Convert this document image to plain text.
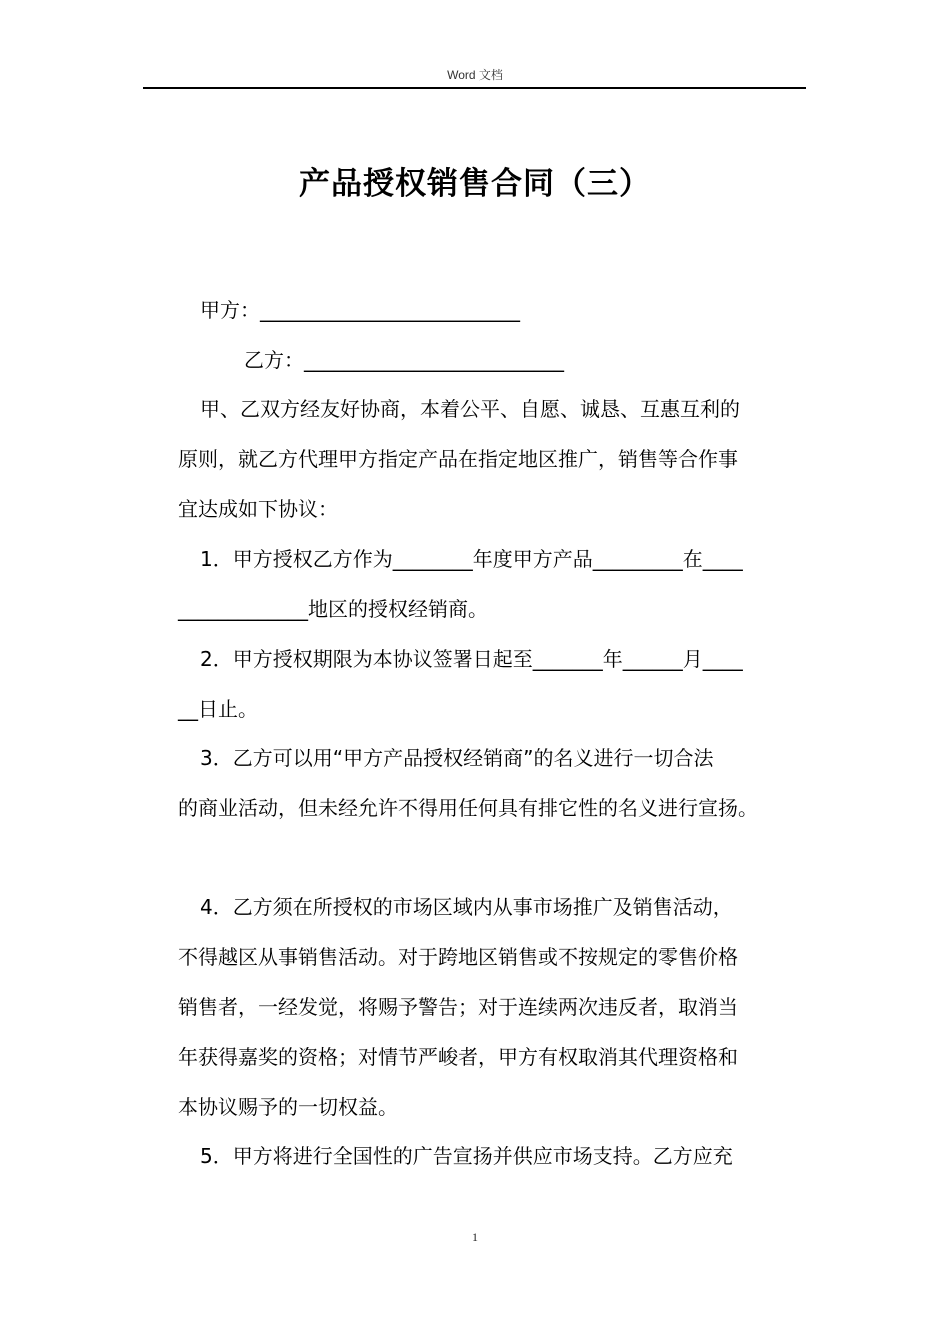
Word 文档
产品授权销售合同（三）
甲方：__________________________
乙方：__________________________
甲、乙双方经友好协商，本着公平、自愿、诚恳、互惠互利的
原则，就乙方代理甲方指定产品在指定地区推广，销售等合作事
宜达成如下协议：
1．甲方授权乙方作为________年度甲方产品_________在____
_____________地区的授权经销商。
2．甲方授权期限为本协议签署日起至_______年______月____
__日止。
3．乙方可以用“甲方产品授权经销商”的名义进行一切合法
的商业活动，但未经允许不得用任何具有排它性的名义进行宣扬。
4．乙方须在所授权的市场区域内从事市场推广及销售活动，
不得越区从事销售活动。对于跨地区销售或不按规定的零售价格
销售者，一经发觉，将赐予警告；对于连续两次违反者，取消当
年获得嘉奖的资格；对情节严峻者，甲方有权取消其代理资格和
本协议赐予的一切权益。
5．甲方将进行全国性的广告宣扬并供应市场支持。乙方应充
1
